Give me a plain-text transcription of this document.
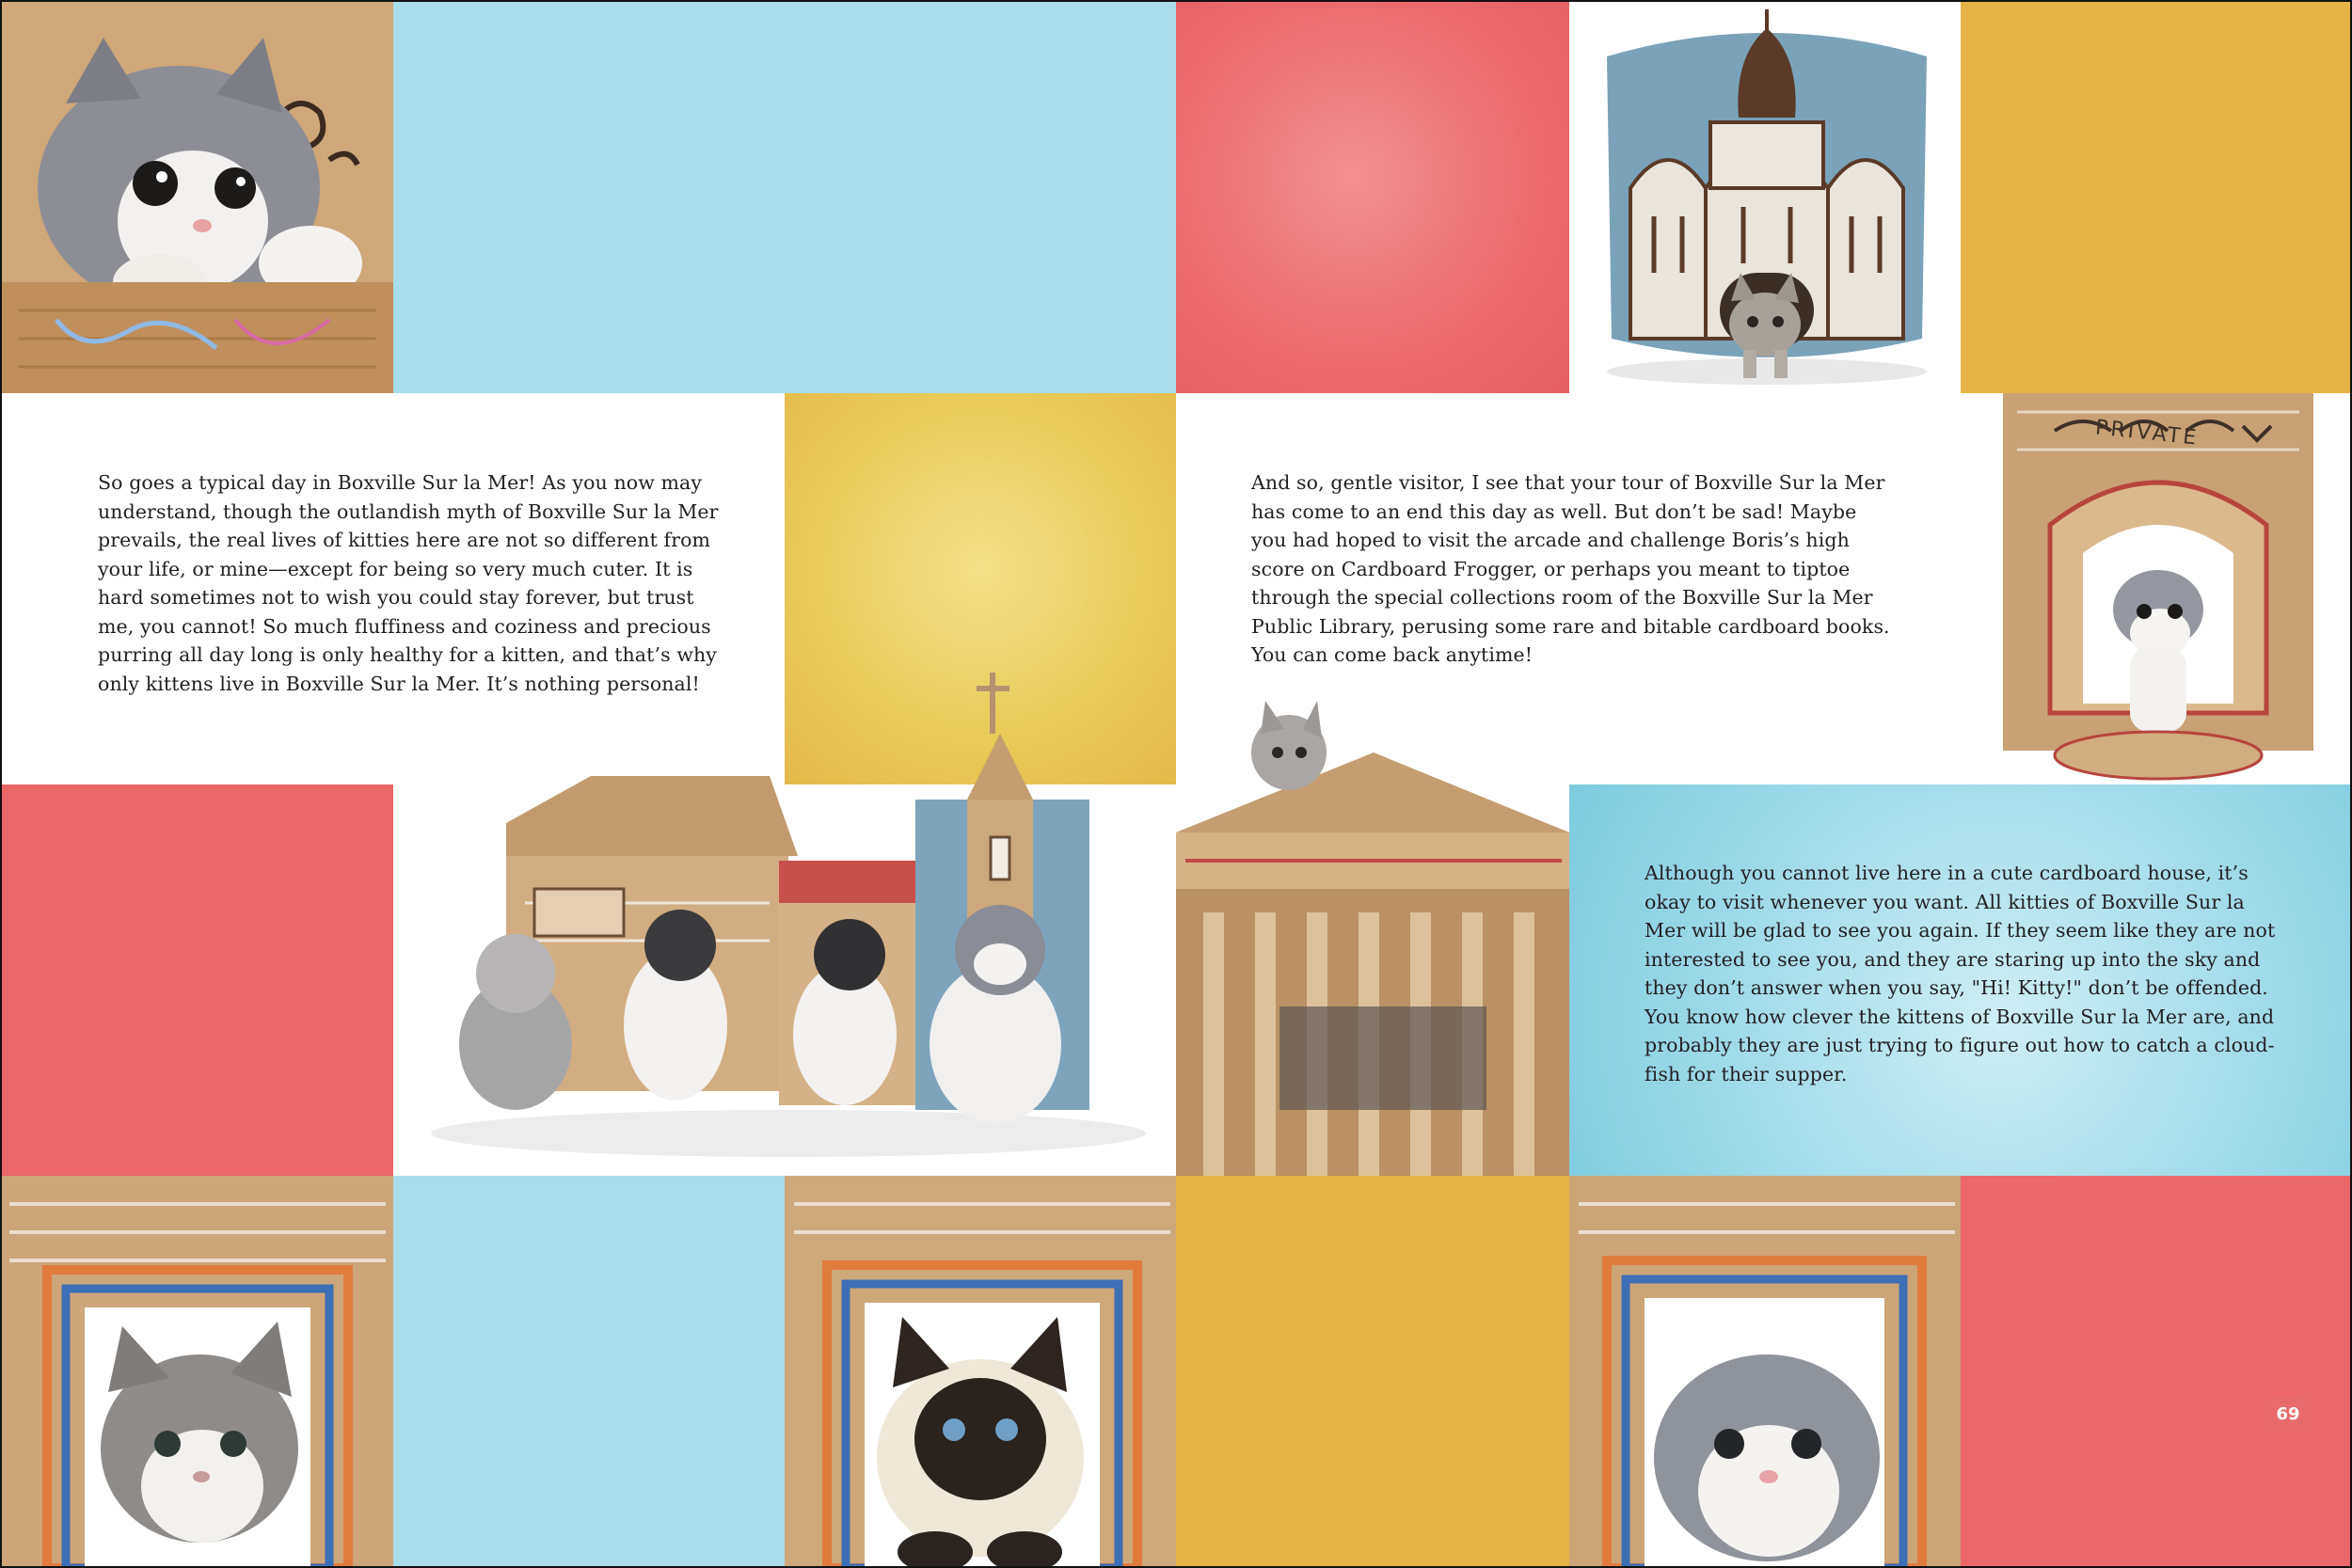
PRIVATE
So goes a typical day in Boxville Sur la Mer! As you now may understand, though the outlandish myth of Boxville Sur la Mer prevails, the real lives of kitties here are not so different from your life, or mine—except for being so very much cuter. It is hard sometimes not to wish you could stay forever, but trust me, you cannot! So much fluffiness and coziness and precious purring all day long is only healthy for a kitten, and that’s why only kittens live in Boxville Sur la Mer. It’s nothing personal!
And so, gentle visitor, I see that your tour of Boxville Sur la Mer has come to an end this day as well. But don’t be sad! Maybe you had hoped to visit the arcade and challenge Boris’s high score on Cardboard Frogger, or perhaps you meant to tiptoe through the special collections room of the Boxville Sur la Mer Public Library, perusing some rare and bitable cardboard books. You can come back anytime!
Although you cannot live here in a cute cardboard house, it’s okay to visit whenever you want. All kitties of Boxville Sur la Mer will be glad to see you again. If they seem like they are not interested to see you, and they are staring up into the sky and they don’t answer when you say, "Hi! Kitty!" don’t be offended. You know how clever the kittens of Boxville Sur la Mer are, and probably they are just trying to figure out how to catch a cloud-fish for their supper.
69
